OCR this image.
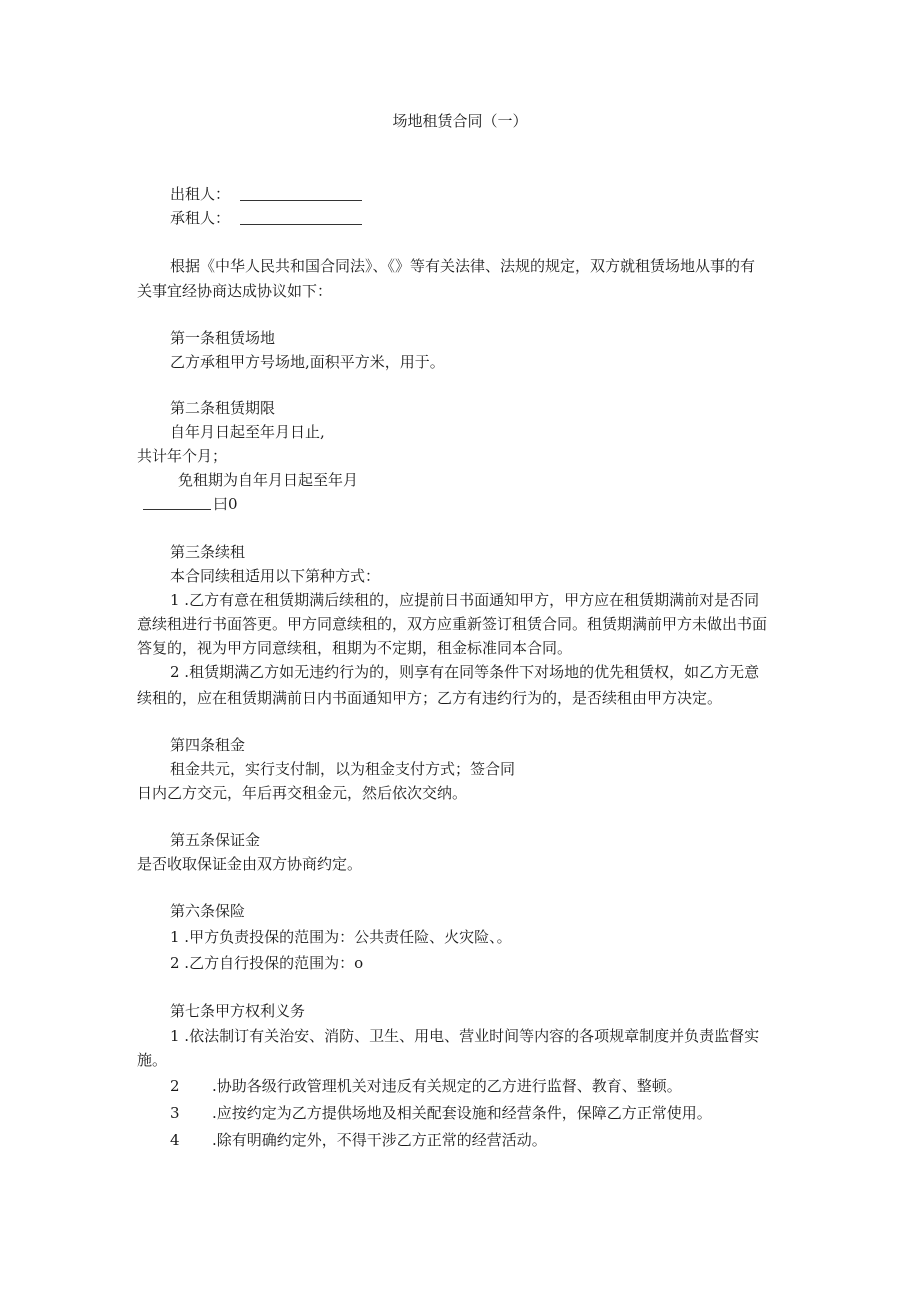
场地租赁合同（一）
出租人：
承租人：
根据《中华人民共和国合同法》、《》等有关法律、法规的规定，双方就租赁场地从事的有
关事宜经协商达成协议如下：
第一条租赁场地
乙方承租甲方号场地,面积平方米，用于。
第二条租赁期限
自年月日起至年月日止,
共计年个月；
免租期为自年月日起至年月
曰0
第三条续租
本合同续租适用以下第种方式：
1 .乙方有意在租赁期满后续租的，应提前日书面通知甲方，甲方应在租赁期满前对是否同
意续租进行书面答更。甲方同意续租的，双方应重新签订租赁合同。租赁期满前甲方未做出书面
答复的，视为甲方同意续租，租期为不定期，租金标准同本合同。
2 .租赁期满乙方如无违约行为的，则享有在同等条件下对场地的优先租赁权，如乙方无意
续租的，应在租赁期满前日内书面通知甲方；乙方有违约行为的，是否续租由甲方决定。
第四条租金
租金共元，实行支付制，以为租金支付方式；签合同
日内乙方交元，年后再交租金元，然后依次交纳。
第五条保证金
是否收取保证金由双方协商约定。
第六条保险
1 .甲方负责投保的范围为：公共责任险、火灾险、。
2 .乙方自行投保的范围为：o
第七条甲方权利义务
1 .依法制订有关治安、消防、卫生、用电、营业时间等内容的各项规章制度并负责监督实
施。
2 .协助各级行政管理机关对违反有关规定的乙方进行监督、教育、整顿。
3 .应按约定为乙方提供场地及相关配套设施和经营条件，保障乙方正常使用。
4 .除有明确约定外，不得干涉乙方正常的经营活动。
